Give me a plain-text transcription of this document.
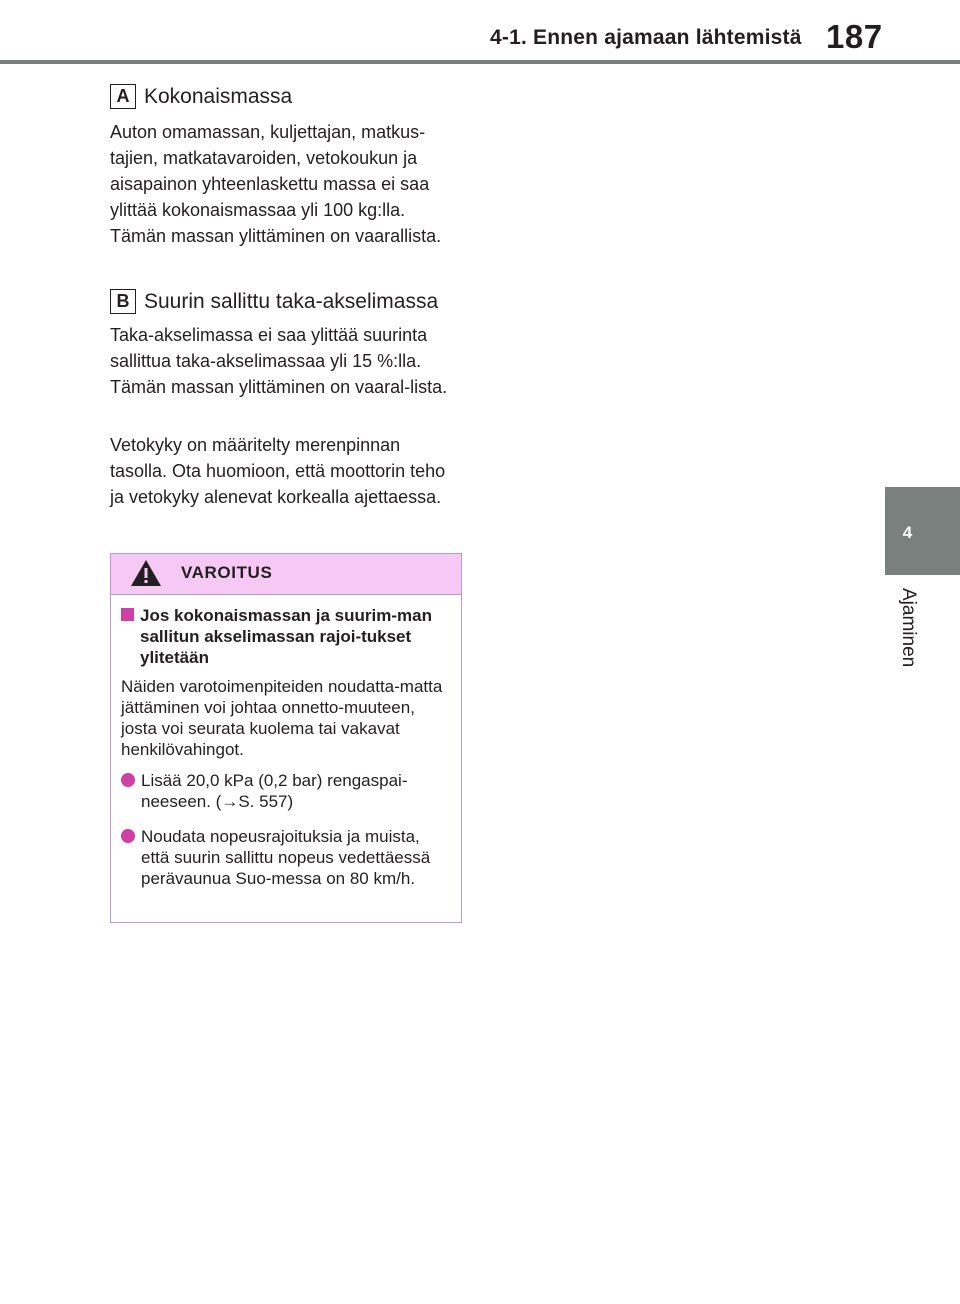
4-1. Ennen ajamaan lähtemistä 187
4
Ajaminen
A Kokonaismassa

Auton omamassan, kuljettajan, matkus-tajien, matkatavaroiden, vetokoukun ja aisapainon yhteenlaskettu massa ei saa ylittää kokonaismassaa yli 100 kg:lla. Tämän massan ylittäminen on vaarallista.

B Suurin sallittu taka-akselimassa

Taka-akselimassa ei saa ylittää suurinta sallittua taka-akselimassaa yli 15 %:lla. Tämän massan ylittäminen on vaaral-lista.

Vetokyky on määritelty merenpinnan tasolla. Ota huomioon, että moottorin teho ja vetokyky alenevat korkealla ajettaessa.

VAROITUS
Jos kokonaismassan ja suurim-man sallitun akselimassan rajoi-tukset ylitetään
Näiden varotoimenpiteiden noudatta-matta jättäminen voi johtaa onnetto-muuteen, josta voi seurata kuolema tai vakavat henkilövahingot.
Lisää 20,0 kPa (0,2 bar) rengaspai-neeseen. (→S. 557)
Noudata nopeusrajoituksia ja muista, että suurin sallittu nopeus vedettäessä perävaunua Suo-messa on 80 km/h.
